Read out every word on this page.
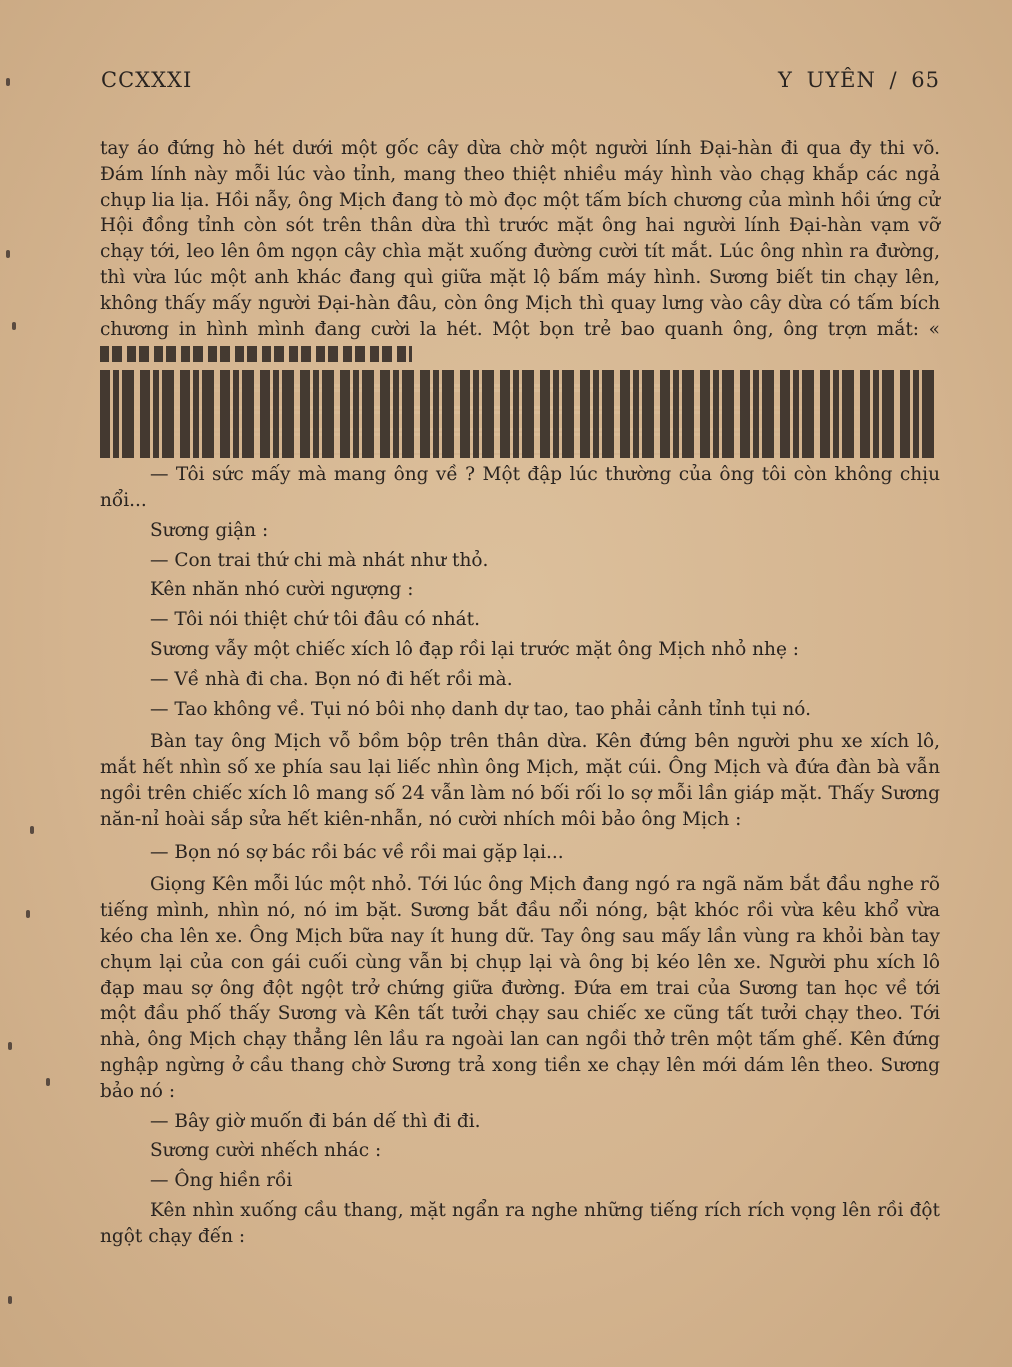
CCXXXI	Y UYÊN / 65

tay áo đứng hò hét dưới một gốc cây dừa chờ một người lính Đại-hàn đi qua đy thi võ. Đám lính này mỗi lúc vào tỉnh, mang theo thiệt nhiều máy hình vào chạg khắp các ngả chụp lia lịa. Hồi nẫy, ông Mịch đang tò mò đọc một tấm bích chương của mình hồi ứng cử Hội đồng tỉnh còn sót trên thân dừa thì trước mặt ông hai người lính Đại-hàn vạm vỡ chạy tới, leo lên ôm ngọn cây chìa mặt xuống đường cười tít mắt. Lúc ông nhìn ra đường, thì vừa lúc một anh khác đang quì giữa mặt lộ bấm máy hình. Sương biết tin chạy lên, không thấy mấy người Đại-hàn đâu, còn ông Mịch thì quay lưng vào cây dừa có tấm bích chương in hình mình đang cười la hét. Một bọn trẻ bao quanh ông, ông trợn mắt: «

— Tôi sức mấy mà mang ông về ? Một đập lúc thường của ông tôi còn không chịu nổi...

Sương giận :

— Con trai thứ chi mà nhát như thỏ.

Kên nhăn nhó cười ngượng :

— Tôi nói thiệt chứ tôi đâu có nhát.

Sương vẫy một chiếc xích lô đạp rồi lại trước mặt ông Mịch nhỏ nhẹ :

— Về nhà đi cha. Bọn nó đi hết rồi mà.

— Tao không về. Tụi nó bôi nhọ danh dự tao, tao phải cảnh tỉnh tụi nó.

Bàn tay ông Mịch vỗ bồm bộp trên thân dừa. Kên đứng bên người phu xe xích lô, mắt hết nhìn số xe phía sau lại liếc nhìn ông Mịch, mặt cúi. Ông Mịch và đứa đàn bà vẫn ngồi trên chiếc xích lô mang số 24 vẫn làm nó bối rối lo sợ mỗi lần giáp mặt. Thấy Sương năn-nỉ hoài sắp sửa hết kiên-nhẫn, nó cười nhích môi bảo ông Mịch :

— Bọn nó sợ bác rồi bác về rồi mai gặp lại...

Giọng Kên mỗi lúc một nhỏ. Tới lúc ông Mịch đang ngó ra ngã năm bắt đầu nghe rõ tiếng mình, nhìn nó, nó im bặt. Sương bắt đầu nổi nóng, bật khóc rồi vừa kêu khổ vừa kéo cha lên xe. Ông Mịch bữa nay ít hung dữ. Tay ông sau mấy lần vùng ra khỏi bàn tay chụm lại của con gái cuối cùng vẫn bị chụp lại và ông bị kéo lên xe. Người phu xích lô đạp mau sợ ông đột ngột trở chứng giữa đường. Đứa em trai của Sương tan học về tới một đầu phố thấy Sương và Kên tất tưởi chạy sau chiếc xe cũng tất tưởi chạy theo. Tới nhà, ông Mịch chạy thẳng lên lầu ra ngoài lan can ngồi thở trên một tấm ghế. Kên đứng nghập ngừng ở cầu thang chờ Sương trả xong tiền xe chạy lên mới dám lên theo. Sương bảo nó :

— Bây giờ muốn đi bán dế thì đi đi.

Sương cười nhếch nhác :

— Ông hiền rồi

Kên nhìn xuống cầu thang, mặt ngẩn ra nghe những tiếng rích rích vọng lên rồi đột ngột chạy đến :
